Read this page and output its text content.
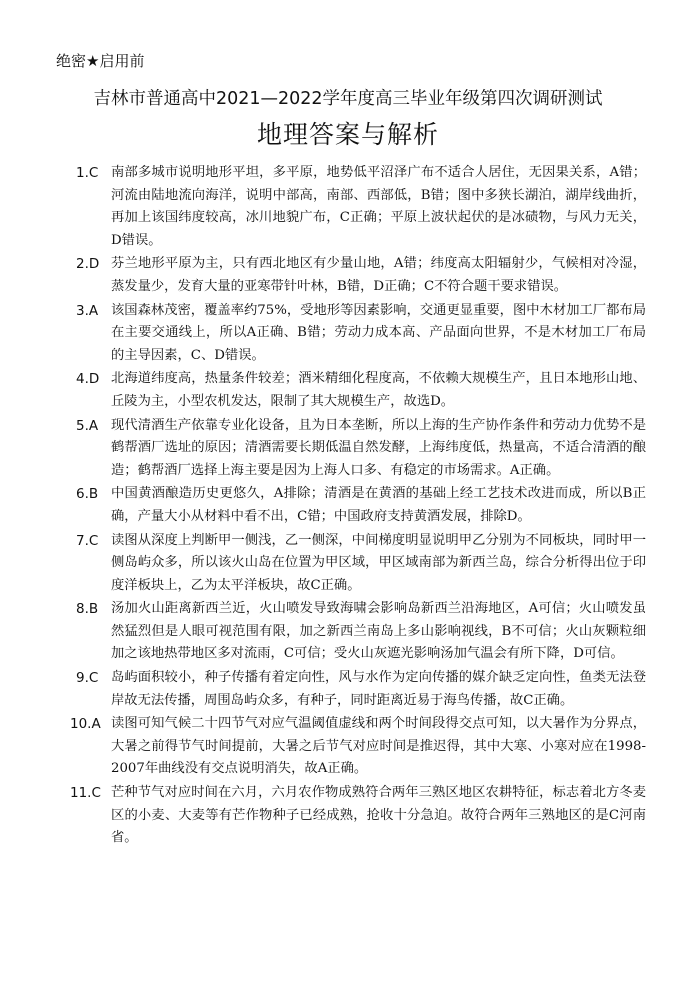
绝密★启用前
吉林市普通高中2021—2022学年度高三毕业年级第四次调研测试
地理答案与解析
1.C 南部多城市说明地形平坦，多平原，地势低平沼泽广布不适合人居住，无因果关系，A错；河流由陆地流向海洋，说明中部高，南部、西部低，B错；图中多狭长湖泊，湖岸线曲折，再加上该国纬度较高，冰川地貌广布，C正确；平原上波状起伏的是冰碛物，与风力无关，D错误。
2.D 芬兰地形平原为主，只有西北地区有少量山地，A错；纬度高太阳辐射少，气候相对冷湿，蒸发量少，发育大量的亚寒带针叶林，B错，D正确；C不符合题干要求错误。
3.A 该国森林茂密，覆盖率约75%，受地形等因素影响，交通更显重要，图中木材加工厂都布局在主要交通线上，所以A正确、B错；劳动力成本高、产品面向世界，不是木材加工厂布局的主导因素，C、D错误。
4.D 北海道纬度高，热量条件较差；酒米精细化程度高，不依赖大规模生产，且日本地形山地、丘陵为主，小型农机发达，限制了其大规模生产，故选D。
5.A 现代清酒生产依靠专业化设备，且为日本垄断，所以上海的生产协作条件和劳动力优势不是鹤帮酒厂选址的原因；清酒需要长期低温自然发酵，上海纬度低，热量高，不适合清酒的酿造；鹤帮酒厂选择上海主要是因为上海人口多、有稳定的市场需求。A正确。
6.B 中国黄酒酿造历史更悠久，A排除；清酒是在黄酒的基础上经工艺技术改进而成，所以B正确，产量大小从材料中看不出，C错；中国政府支持黄酒发展，排除D。
7.C 读图从深度上判断甲一侧浅，乙一侧深，中间梯度明显说明甲乙分别为不同板块，同时甲一侧岛屿众多，所以该火山岛在位置为甲区域，甲区域南部为新西兰岛，综合分析得出位于印度洋板块上，乙为太平洋板块，故C正确。
8.B 汤加火山距离新西兰近，火山喷发导致海啸会影响岛新西兰沿海地区，A可信；火山喷发虽然猛烈但是人眼可视范围有限，加之新西兰南岛上多山影响视线，B不可信；火山灰颗粒细加之该地热带地区多对流雨，C可信；受火山灰遮光影响汤加气温会有所下降，D可信。
9.C 岛屿面积较小，种子传播有着定向性，风与水作为定向传播的媒介缺乏定向性，鱼类无法登岸故无法传播，周围岛屿众多，有种子，同时距离近易于海鸟传播，故C正确。
10.A 读图可知气候二十四节气对应气温阈值虚线和两个时间段得交点可知，以大暑作为分界点，大暑之前得节气时间提前，大暑之后节气对应时间是推迟得，其中大寒、小寒对应在1998-2007年曲线没有交点说明消失，故A正确。
11.C 芒种节气对应时间在六月，六月农作物成熟符合两年三熟区地区农耕特征，标志着北方冬麦区的小麦、大麦等有芒作物种子已经成熟，抢收十分急迫。故符合两年三熟地区的是C河南省。
